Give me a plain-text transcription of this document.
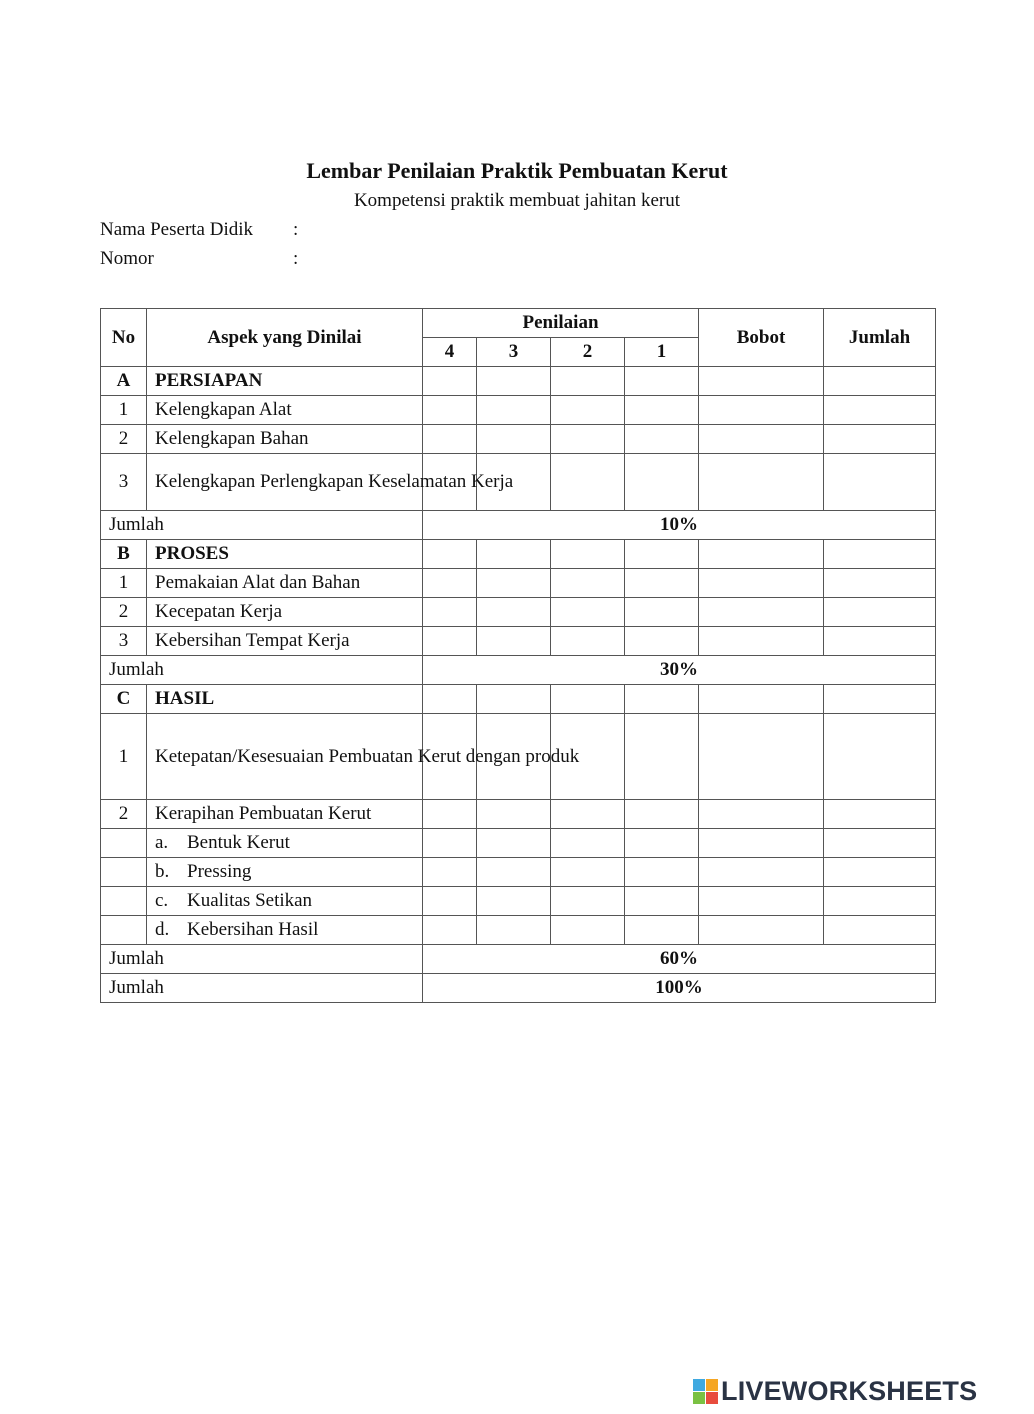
Lembar Penilaian Praktik Pembuatan Kerut
Kompetensi praktik membuat jahitan kerut
Nama Peserta Didik :
Nomor	:
No	Aspek yang Dinilai	Penilaian				Bobot	Jumlah
		4	3	2	1		
A	PERSIAPAN						
1	Kelengkapan Alat						
2	Kelengkapan Bahan						
3	Kelengkapan Perlengkapan Keselamatan Kerja						
Jumlah		10%					
B	PROSES						
1	Pemakaian Alat dan Bahan						
2	Kecepatan Kerja						
3	Kebersihan Tempat Kerja						
Jumlah		30%					
C	HASIL						
1	Ketepatan/Kesesuaian Pembuatan Kerut dengan produk						
2	Kerapihan Pembuatan Kerut						
	a. Bentuk Kerut						
	b. Pressing						
	c. Kualitas Setikan						
	d. Kebersihan Hasil						
Jumlah		60%					
Jumlah		100%					
LIVEWORKSHEETS
